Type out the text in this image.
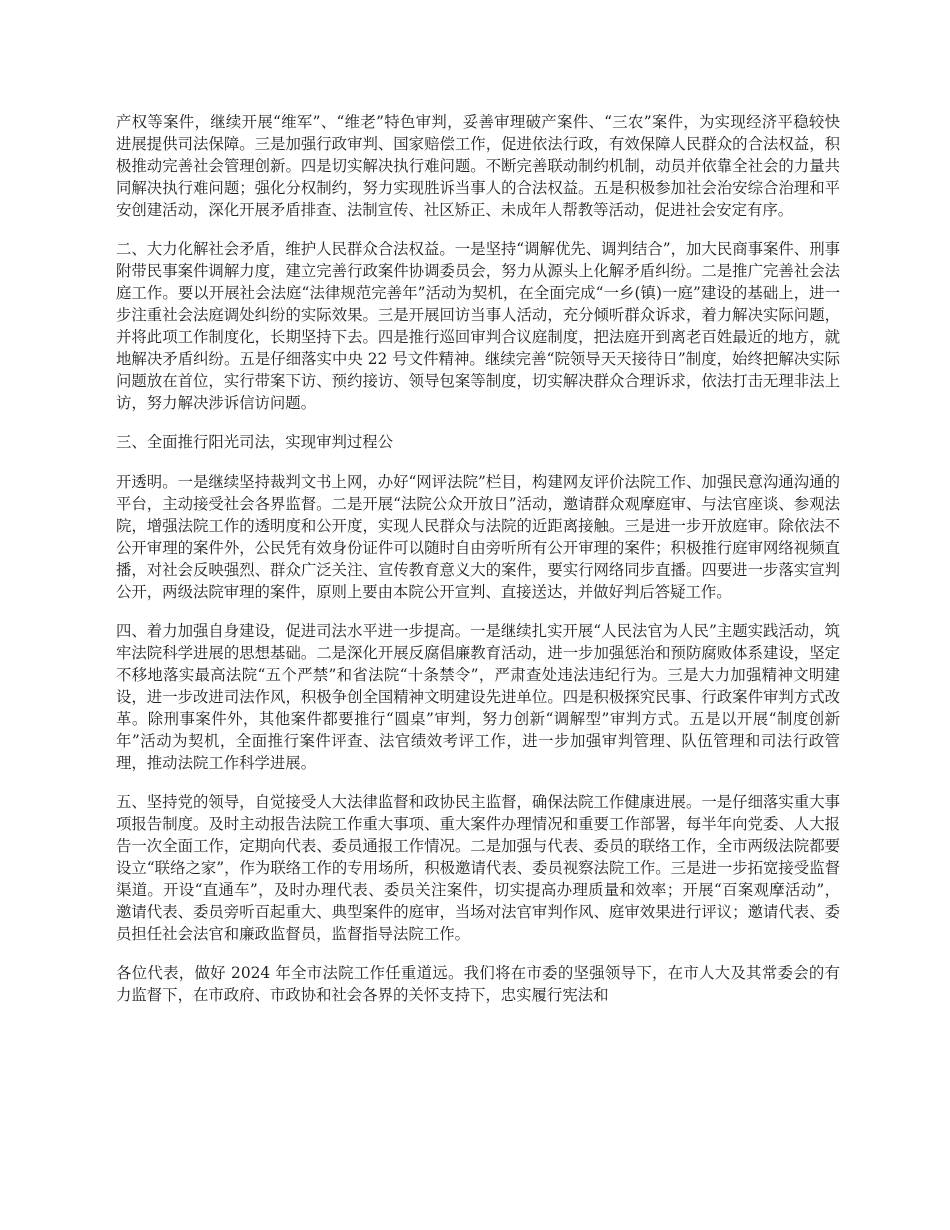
产权等案件，继续开展“维军”、“维老”特色审判，妥善审理破产案件、“三农”案件，为实现经济平稳较快进展提供司法保障。三是加强行政审判、国家赔偿工作，促进依法行政，有效保障人民群众的合法权益，积极推动完善社会管理创新。四是切实解决执行难问题。不断完善联动制约机制，动员并依靠全社会的力量共同解决执行难问题；强化分权制约，努力实现胜诉当事人的合法权益。五是积极参加社会治安综合治理和平安创建活动，深化开展矛盾排查、法制宣传、社区矫正、未成年人帮教等活动，促进社会安定有序。

二、大力化解社会矛盾，维护人民群众合法权益。一是坚持“调解优先、调判结合”，加大民商事案件、刑事附带民事案件调解力度，建立完善行政案件协调委员会，努力从源头上化解矛盾纠纷。二是推广完善社会法庭工作。要以开展社会法庭“法律规范完善年”活动为契机，在全面完成“一乡(镇)一庭”建设的基础上，进一步注重社会法庭调处纠纷的实际效果。三是开展回访当事人活动，充分倾听群众诉求，着力解决实际问题，并将此项工作制度化，长期坚持下去。四是推行巡回审判合议庭制度，把法庭开到离老百姓最近的地方，就地解决矛盾纠纷。五是仔细落实中央 22 号文件精神。继续完善“院领导天天接待日”制度，始终把解决实际问题放在首位，实行带案下访、预约接访、领导包案等制度，切实解决群众合理诉求，依法打击无理非法上访，努力解决涉诉信访问题。

三、全面推行阳光司法，实现审判过程公

开透明。一是继续坚持裁判文书上网，办好“网评法院”栏目，构建网友评价法院工作、加强民意沟通沟通的平台，主动接受社会各界监督。二是开展“法院公众开放日”活动，邀请群众观摩庭审、与法官座谈、参观法院，增强法院工作的透明度和公开度，实现人民群众与法院的近距离接触。三是进一步开放庭审。除依法不公开审理的案件外，公民凭有效身份证件可以随时自由旁听所有公开审理的案件；积极推行庭审网络视频直播，对社会反映强烈、群众广泛关注、宣传教育意义大的案件，要实行网络同步直播。四要进一步落实宣判公开，两级法院审理的案件，原则上要由本院公开宣判、直接送达，并做好判后答疑工作。

四、着力加强自身建设，促进司法水平进一步提高。一是继续扎实开展“人民法官为人民”主题实践活动，筑牢法院科学进展的思想基础。二是深化开展反腐倡廉教育活动，进一步加强惩治和预防腐败体系建设，坚定不移地落实最高法院“五个严禁”和省法院“十条禁令”，严肃查处违法违纪行为。三是大力加强精神文明建设，进一步改进司法作风，积极争创全国精神文明建设先进单位。四是积极探究民事、行政案件审判方式改革。除刑事案件外，其他案件都要推行“圆桌”审判，努力创新“调解型”审判方式。五是以开展“制度创新年”活动为契机，全面推行案件评查、法官绩效考评工作，进一步加强审判管理、队伍管理和司法行政管理，推动法院工作科学进展。

五、坚持党的领导，自觉接受人大法律监督和政协民主监督，确保法院工作健康进展。一是仔细落实重大事项报告制度。及时主动报告法院工作重大事项、重大案件办理情况和重要工作部署，每半年向党委、人大报告一次全面工作，定期向代表、委员通报工作情况。二是加强与代表、委员的联络工作，全市两级法院都要设立“联络之家”，作为联络工作的专用场所，积极邀请代表、委员视察法院工作。三是进一步拓宽接受监督渠道。开设“直通车”，及时办理代表、委员关注案件，切实提高办理质量和效率；开展“百案观摩活动”，邀请代表、委员旁听百起重大、典型案件的庭审，当场对法官审判作风、庭审效果进行评议；邀请代表、委员担任社会法官和廉政监督员，监督指导法院工作。

各位代表，做好 2024 年全市法院工作任重道远。我们将在市委的坚强领导下，在市人大及其常委会的有力监督下，在市政府、市政协和社会各界的关怀支持下，忠实履行宪法和
